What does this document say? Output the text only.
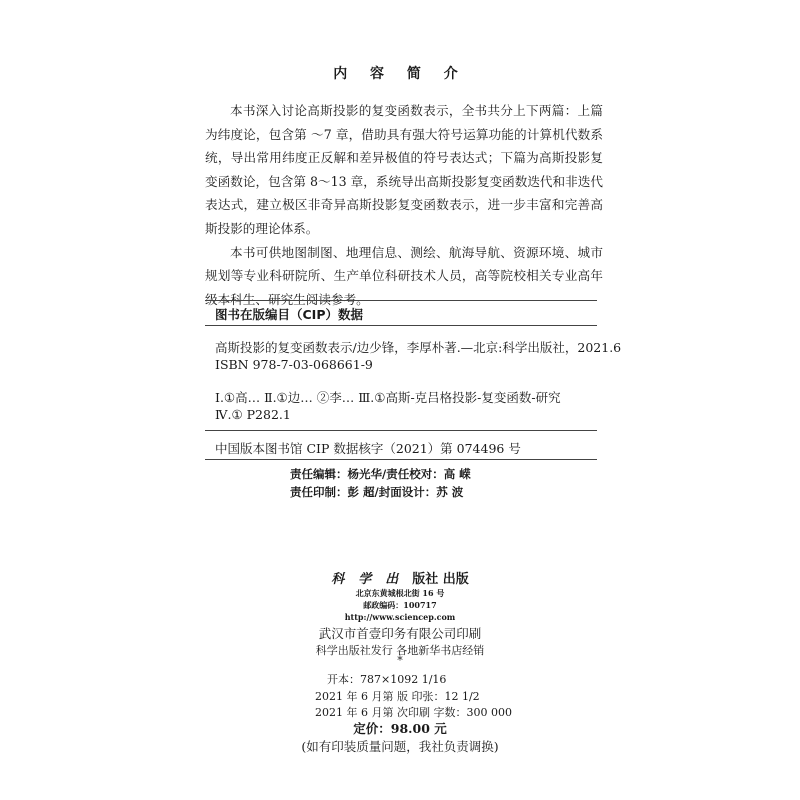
内 容 简 介

本书深入讨论高斯投影的复变函数表示，全书共分上下两篇：上篇为纬度论，包含第 ～7 章，借助具有强大符号运算功能的计算机代数系统，导出常用纬度正反解和差异极值的符号表达式；下篇为高斯投影复变函数论，包含第 8～13 章，系统导出高斯投影复变函数迭代和非迭代表达式，建立极区非奇异高斯投影复变函数表示，进一步丰富和完善高斯投影的理论体系。

本书可供地图制图、地理信息、测绘、航海导航、资源环境、城市规划等专业科研院所、生产单位科研技术人员，高等院校相关专业高年级本科生、研究生阅读参考。

图书在版编目（CIP）数据
高斯投影的复变函数表示/边少锋，李厚朴著.—北京:科学出版社，2021.6
ISBN 978-7-03-068661-9
Ⅰ.①高… Ⅱ.①边… ②李… Ⅲ.①高斯-克吕格投影-复变函数-研究
Ⅳ.① P282.1
中国版本图书馆 CIP 数据核字（2021）第 074496 号
责任编辑：杨光华/责任校对：高 嵘
责任印制：彭 超/封面设计：苏 波
科学出版社 出版
北京东黄城根北街 16 号
邮政编码：100717
http://www.sciencep.com
武汉市首壹印务有限公司印刷
科学出版社发行 各地新华书店经销
*
开本：787×1092 1/16
2021 年 6 月第 版 印张：12 1/2
2021 年 6 月第 次印刷 字数：300 000
定价：98.00 元
(如有印装质量问题，我社负责调换)
